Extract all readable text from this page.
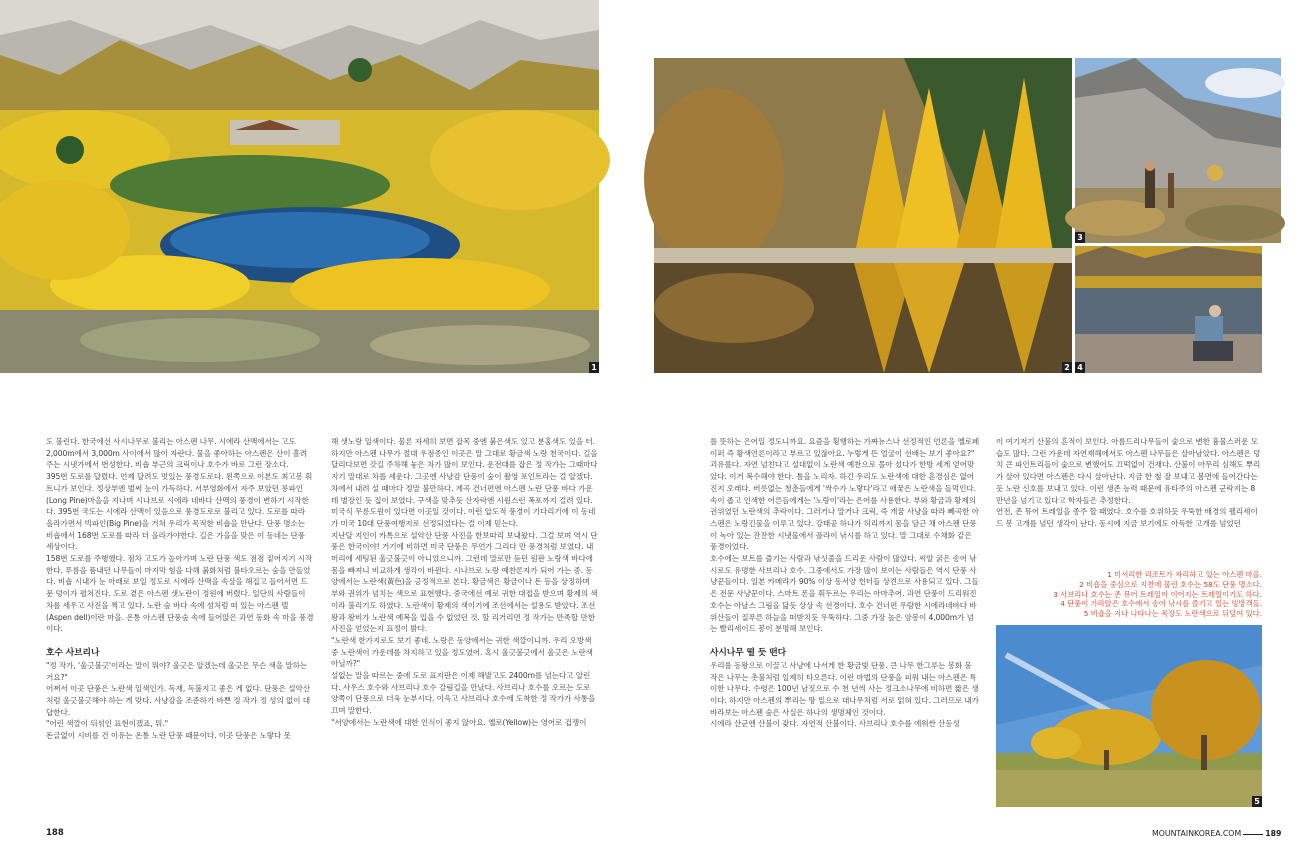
1
3
2 4
5

도 불린다. 한국에선 사시나무로 불리는 아스펜 나무. 시에라 산맥에서는 고도 2,000m에서 3,000m 사이에서 많이 자란다. 물을 좋아하는 아스펜은 산이 흘려주는 시냇가에서 번성한다. 비숍 부근의 크릭이나 호수가 바로 그런 장소다.

395번 도로를 달렸다. 언제 달려도 멋있는 풍경도로다. 왼쪽으로 이본도 최고봉 휘트니가 보인다. 정상부엔 벌써 눈이 가득하다. 서부영화에서 자주 보았던 롱파인(Long Pine)마을을 지나며 시나브로 시에라 네바다 산맥의 풍경이 변하기 시작한다. 395번 국도는 시에라 산맥이 있음으로 풍경도로로 불리고 있다. 도로를 따라 올라가면서 빅파인(Big Pine)을 거쳐 우리가 목적한 비숍을 만난다. 단풍 명소는 비숍에서 168번 도로를 따라 더 올라가야한다. 길은 가을을 맞은 이 동네는 단풍 세상이다.

158번 도로를 주행했다. 점차 고도가 높아가며 노란 단풍 색도 점점 짙어지기 시작한다. 푸름을 품내던 나무들이 마지막 힘을 다해 붉화처럼 불타오르는 숨을 만들었다. 비숍 시내가 눈 아래로 보일 정도로 시에라 산맥을 속살을 해집고 들어서면 드문 덩이가 펼쳐진다. 도로 곁은 아스펜 샛노란이 정원에 버렸다. 일단의 사람들이 차를 세우고 사진을 찍고 있다. 노란 숲 바다 속에 섬처럼 떠 있는 아스펜 델(Aspen dell)이란 마을. 온통 아스펜 단풍숲 속에 들어앉은 과연 동화 속 마을 풍경이다.

호수 사브리나

"정 작가, '울긋불긋'이라는 말이 뭐야? 울긋은 알겠는데 울긋은 무슨 색을 말하는 거요?"

어쩌서 이곳 단풍은 노란색 일색인가. 독재, 독불지고 좋은 게 없다. 단풍은 설악산처럼 울긋불긋해야 하는 게 맞다. 사냥감을 조준하기 바쁜 정 작가 정 성의 없이 대답한다.

"어린 색깔이 뒤섞인 표현이겠죠, 뭐."

돈글없이 시비를 건 이유는 온통 노란 단풍 때문이다. 이곳 단풍은 노랗다 못

해 샛노랑 일색이다. 물론 자세히 보면 잡목 중엔 붉은색도 있고 분홍색도 있을 터. 하지만 아스펜 나무가 절대 우점종인 이곳은 말 그대로 황금색 노랑 천국이다. 길을 달리다보면 갓길 주차해 놓은 차가 많이 보인다. 운전대를 잡은 정 작가는 그때마다 지기 말대로 차를 세운다. 그곳엔 사냥감 단풍이 숲이 촬영 포인트라는 걸 알겠다. 차에서 내려 설 때마다 정말 불만하다. 계곡 건너편엔 아스펜 노란 단풍 바다 가운데 별장인 듯 집이 보였다. 구색을 맞추듯 산자락엔 시원스런 폭포까지 걸려 있다. 미국식 무릉도원이 있다면 이곳일 것이다. 이런 압도적 풍경이 기다리기에 이 동네가 미국 10대 단풍여행지로 선정되었다는 걸 이제 믿는다.

지난달 지인이 카톡으로 설악산 단풍 사진을 한보따리 보내왔다. 그걸 보며 역시 단풍은 한국이야! 거기에 비하면 미국 단풍은 무언가 그리다 만 풍경처럼 보였다. 내 머리에 세팅된 울긋불긋이 아니었으니까. 그런데 말로만 듣던 원판 노랑색 바다에 몸을 빠져니 비교하게 생각이 바뀐다. 시나브로 노랑 예찬론자가 되어 가는 중. 동양에서는 노란색(黃色)을 긍정적으로 본다. 황금색은 황금이나 돈 등을 상징하며 부와 권위가 넘치는 색으로 표현했다. 중국에선 예로 귀한 대접을 받으며 황제의 색이라 불리기도 하였다. 노란색이 황제의 색이기에 조선에서는 설용도 받았다. 조선 왕과 왕비가 노란색 예복을 입을 수 없었던 것. 할 리거리면 정 작가는 만족할 만한 사진을 얻었는지 표정이 밝다.

"노란색 한가지로도 보기 좋네. 노랑은 동양에서는 귀한 색깔이니까. 우리 오방색 중 노란색이 가운데를 차지하고 있을 정도였어. 혹시 울긋불긋에서 울긋은 노란색 아닐까?"

설없는 말을 따르는 중에 도로 표지판은 이제 해발고도 2400m를 넘는다고 알린다. 사우스 호수와 사브리나 호수 갈림길을 만났다. 사브리나 호수를 오르는 도로 양쪽이 단풍으로 더욱 눈부시다. 이윽고 사브리나 호수에 도착한 정 작가가 사통을 끄며 말한다.

"서양에서는 노란색에 대한 인식이 좋지 않아요. 옐로(Yellow)는 영어로 겁쟁이

를 뜻하는 은어일 정도니까요. 요즘을 횡행하는 가짜뉴스나 선정적인 언론을 옐로페이퍼 즉 황색언론이라고 부르고 있잖아요. 누렇게 뜬 얼굴이 선배는 보기 좋아요?"

괴유를다. 자연 넘친다고 설대없이 노란색 예찬으로 몰아 섰다가 한방 세게 얻어맞았다. 이거 복수해야 한다. 틈을 노리자. 하긴 우리도 노란색에 대한 혼경심은 없어 진지 오래다. 버릇없는 청춘들에게 '싹수가 노랗다'라고 애꿎은 노란색을 들먹인다. 속이 좁고 인색한 어른들에게는 '노랑이'라는 은어를 사용한다. 부와 황금과 황제의 권위였던 노란색의 추락이다. 그러거나 말거나 크릭, 즉 개꿈 사냥을 따라 빼곡한 아스펜은 노랑긴물을 이루고 있다. 강태공 하나가 허리까지 몸을 담근 채 아스펜 단풍이 녹아 있는 잔잔한 시냇물에서 플라이 낚시를 하고 있다. 말 그대로 수채화 같은 풍경이었다.

호수에는 보트를 즐기는 사람과 낚싯줄을 드리운 사람이 많았다. 씨알 굵은 송어 낚시로도 유명한 사브리나 호수. 그중에서도 가장 많이 보이는 사람들은 역시 단풍 사냥꾼들이다. 일본 카메라가 90% 이상 동서양 헌터들 상견으로 사용되고 있다. 그들은 전문 사냥꾼이다. 스마트 폰을 휘두르는 우리는 아마추어. 과연 단풍이 드리워진 호수는 아날스 그림을 닮듯 상상 속 선경이다. 호수 건너편 우람한 시에라네바다 바위산들이 질푸른 하늘을 떠받치듯 우뚝하다. 그중 가장 높은 암봉이 4,000m가 넘는 빨리세이드 봉이 분명해 보인다.

사시나무 떨 듯 떤다

우리를 동왕으로 이끌고 사냥에 나서게 한 황금빛 단풍. 큰 나무 한그루는 봉화 뭉 작은 나무는 촛불처럼 일제히 타오른다. 이런 마법의 단풍을 피워 내는 아스펜은 특이한 나무다. 수령은 100년 남짓으로 수 천 년씩 사는 정크소나무에 비하면 짧은 생이다. 하지만 아스펜의 뿌리는 땅 밑으로 대나무처럼 서로 얽혀 있다. 그러므로 내가 바라보는 아스펜 숲은 사실은 하나의 생명체인 것이다.

시에라 산군엔 산불이 잦다. 자연적 산불이다. 사브리나 호수를 에워싼 산등성

이 여기저기 산불의 흔적이 보인다. 아름드리나무들이 숯으로 변한 흉물스러운 모습도 많다. 그런 가운데 자연재해에서도 아스펜 나무들은 살아남았다. 아스펜은 덩치 큰 파인트리들이 숯으로 변했어도 끄떡없이 건재다. 산불이 아무리 심해도 뿌리가 살아 있다면 아스펜은 다시 살아난다. 지금 한 철 잘 보내고 봄면에 들어간다는 듯 노란 신호를 보내고 있다. 이런 생존 능력 때문에 유타주의 아스펜 군락지는 8만년을 넘기고 있다고 학자들은 추정한다.

연전, 존 뮤어 트레일을 종주 할 때였다. 호수를 호위하듯 우뚝한 배경의 펠리세이드 봉 고개를 넘던 생각이 난다. 동시에 지금 보기에도 아득한 고개를 넘었던

1 미서리한 리조트가 자리하고 있는 아스펜 마을.
2 비숍을 중심으로 지천에 물린 호수는 58도 단풍 명소다.
3 사브리나 호수는 존 뮤어 트레일이 이어지는 트레일이기도 하다.
4 단풍이 가라앉은 호수에서 송어 낚시를 즐기고 있는 빙방객들.
5 비숍을 지나 나타나는 목장도 노란색으로 뒤덮여 있다.
188	MOUNTAINKOREA.COM	189
